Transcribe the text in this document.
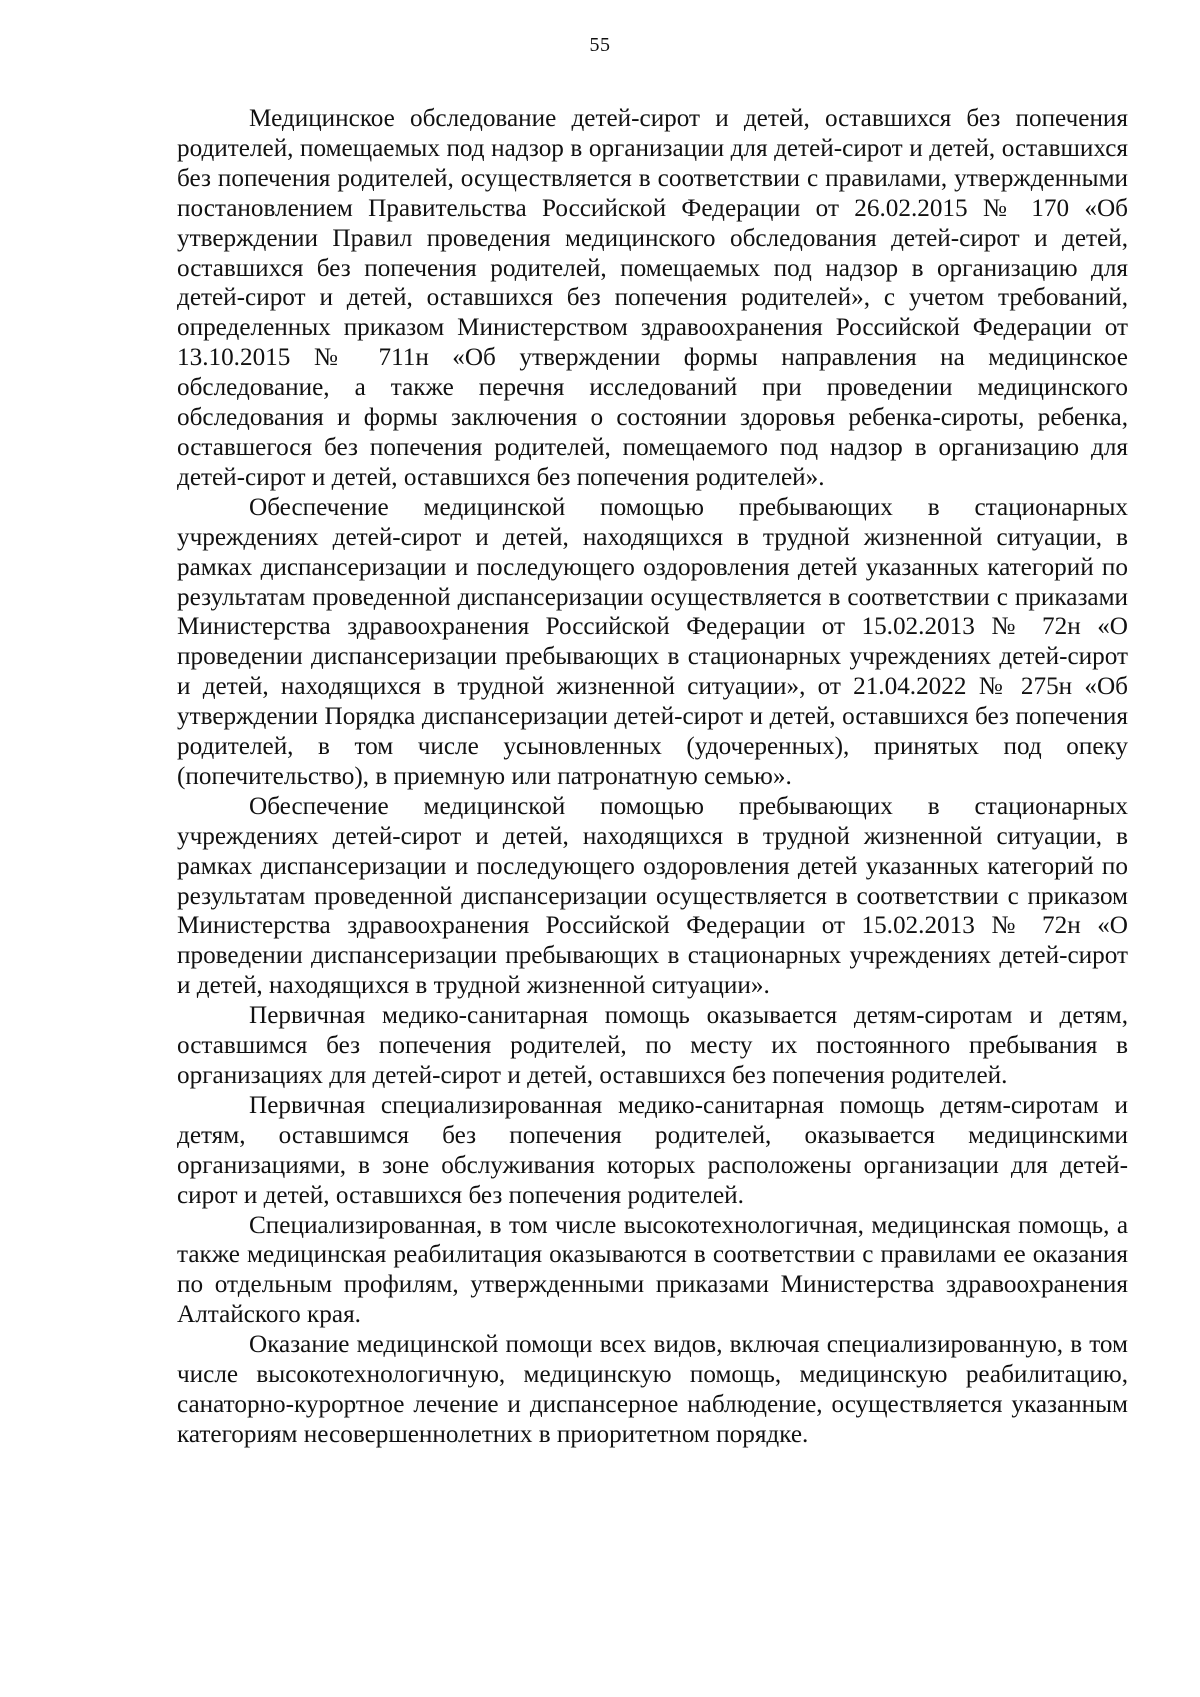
55

Медицинское обследование детей-сирот и детей, оставшихся без попечения родителей, помещаемых под надзор в организации для детей-сирот и детей, оставшихся без попечения родителей, осуществляется в соответствии с правилами, утвержденными постановлением Правительства Российской Федерации от 26.02.2015 № 170 «Об утверждении Правил проведения медицинского обследования детей-сирот и детей, оставшихся без попечения родителей, помещаемых под надзор в организацию для детей-сирот и детей, оставшихся без попечения родителей», с учетом требований, определенных приказом Министерством здравоохранения Российской Федерации от 13.10.2015 № 711н «Об утверждении формы направления на медицинское обследование, а также перечня исследований при проведении медицинского обследования и формы заключения о состоянии здоровья ребенка-сироты, ребенка, оставшегося без попечения родителей, помещаемого под надзор в организацию для детей-сирот и детей, оставшихся без попечения родителей».

Обеспечение медицинской помощью пребывающих в стационарных учреждениях детей-сирот и детей, находящихся в трудной жизненной ситуации, в рамках диспансеризации и последующего оздоровления детей указанных категорий по результатам проведенной диспансеризации осуществляется в соответствии с приказами Министерства здравоохранения Российской Федерации от 15.02.2013 № 72н «О проведении диспансеризации пребывающих в стационарных учреждениях детей-сирот и детей, находящихся в трудной жизненной ситуации», от 21.04.2022 № 275н «Об утверждении Порядка диспансеризации детей-сирот и детей, оставшихся без попечения родителей, в том числе усыновленных (удочеренных), принятых под опеку (попечительство), в приемную или патронатную семью».

Обеспечение медицинской помощью пребывающих в стационарных учреждениях детей-сирот и детей, находящихся в трудной жизненной ситуации, в рамках диспансеризации и последующего оздоровления детей указанных категорий по результатам проведенной диспансеризации осуществляется в соответствии с приказом Министерства здравоохранения Российской Федерации от 15.02.2013 № 72н «О проведении диспансеризации пребывающих в стационарных учреждениях детей-сирот и детей, находящихся в трудной жизненной ситуации».

Первичная медико-санитарная помощь оказывается детям-сиротам и детям, оставшимся без попечения родителей, по месту их постоянного пребывания в организациях для детей-сирот и детей, оставшихся без попечения родителей.

Первичная специализированная медико-санитарная помощь детям-сиротам и детям, оставшимся без попечения родителей, оказывается медицинскими организациями, в зоне обслуживания которых расположены организации для детей-сирот и детей, оставшихся без попечения родителей.

Специализированная, в том числе высокотехнологичная, медицинская помощь, а также медицинская реабилитация оказываются в соответствии с правилами ее оказания по отдельным профилям, утвержденными приказами Министерства здравоохранения Алтайского края.

Оказание медицинской помощи всех видов, включая специализированную, в том числе высокотехнологичную, медицинскую помощь, медицинскую реабилитацию, санаторно-курортное лечение и диспансерное наблюдение, осуществляется указанным категориям несовершеннолетних в приоритетном порядке.
